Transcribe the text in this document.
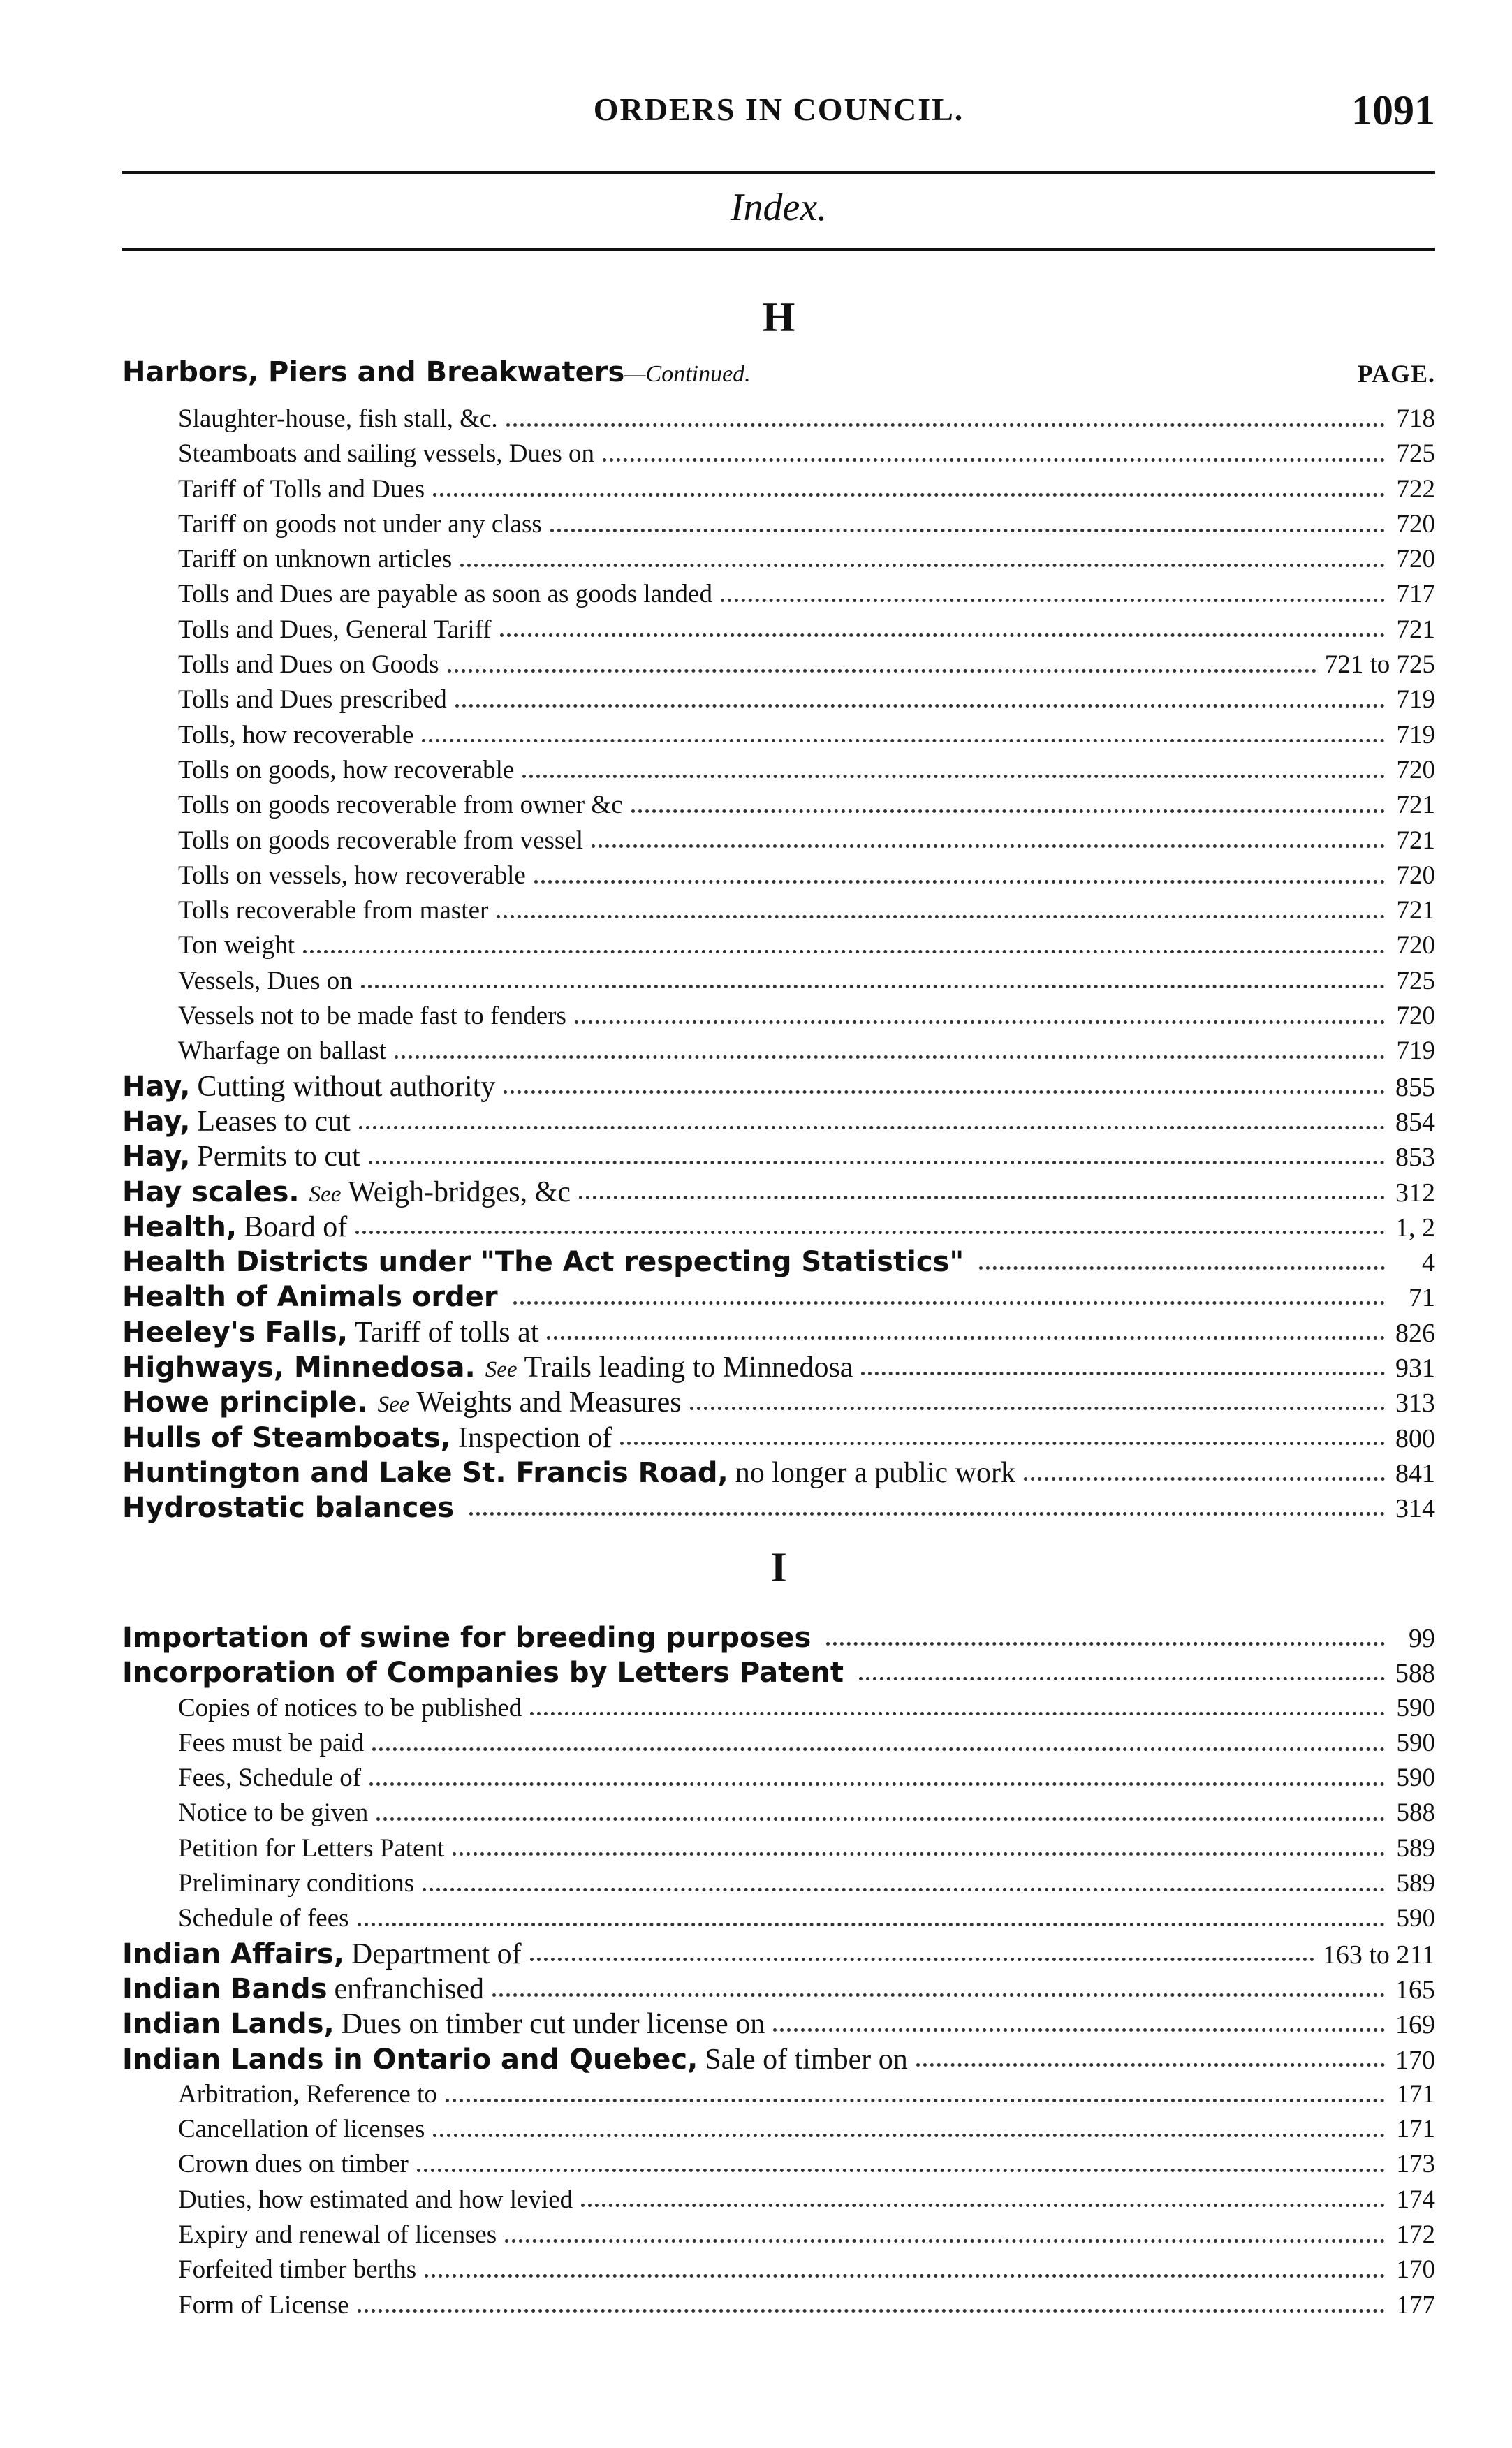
ORDERS IN COUNCIL.	1091
Index.
H
Harbors, Piers and Breakwaters—Continued.	PAGE.
Slaughter-house, fish stall, &c.	718
Steamboats and sailing vessels, Dues on	725
Tariff of Tolls and Dues	722
Tariff on goods not under any class	720
Tariff on unknown articles	720
Tolls and Dues are payable as soon as goods landed	717
Tolls and Dues, General Tariff	721
Tolls and Dues on Goods	721 to 725
Tolls and Dues prescribed	719
Tolls, how recoverable	719
Tolls on goods, how recoverable	720
Tolls on goods recoverable from owner &c	721
Tolls on goods recoverable from vessel	721
Tolls on vessels, how recoverable	720
Tolls recoverable from master	721
Ton weight	720
Vessels, Dues on	725
Vessels not to be made fast to fenders	720
Wharfage on ballast	719
Hay, Cutting without authority	855
Hay, Leases to cut	854
Hay, Permits to cut	853
Hay scales. See Weigh-bridges, &c	312
Health, Board of	1, 2
Health Districts under "The Act respecting Statistics"	4
Health of Animals order	71
Heeley's Falls, Tariff of tolls at	826
Highways, Minnedosa. See Trails leading to Minnedosa	931
Howe principle. See Weights and Measures	313
Hulls of Steamboats, Inspection of	800
Huntington and Lake St. Francis Road, no longer a public work	841
Hydrostatic balances	314
I
Importation of swine for breeding purposes	99
Incorporation of Companies by Letters Patent	588
Copies of notices to be published	590
Fees must be paid	590
Fees, Schedule of	590
Notice to be given	588
Petition for Letters Patent	589
Preliminary conditions	589
Schedule of fees	590
Indian Affairs, Department of	163 to 211
Indian Bands enfranchised	165
Indian Lands, Dues on timber cut under license on	169
Indian Lands in Ontario and Quebec, Sale of timber on	170
Arbitration, Reference to	171
Cancellation of licenses	171
Crown dues on timber	173
Duties, how estimated and how levied	174
Expiry and renewal of licenses	172
Forfeited timber berths	170
Form of License	177
